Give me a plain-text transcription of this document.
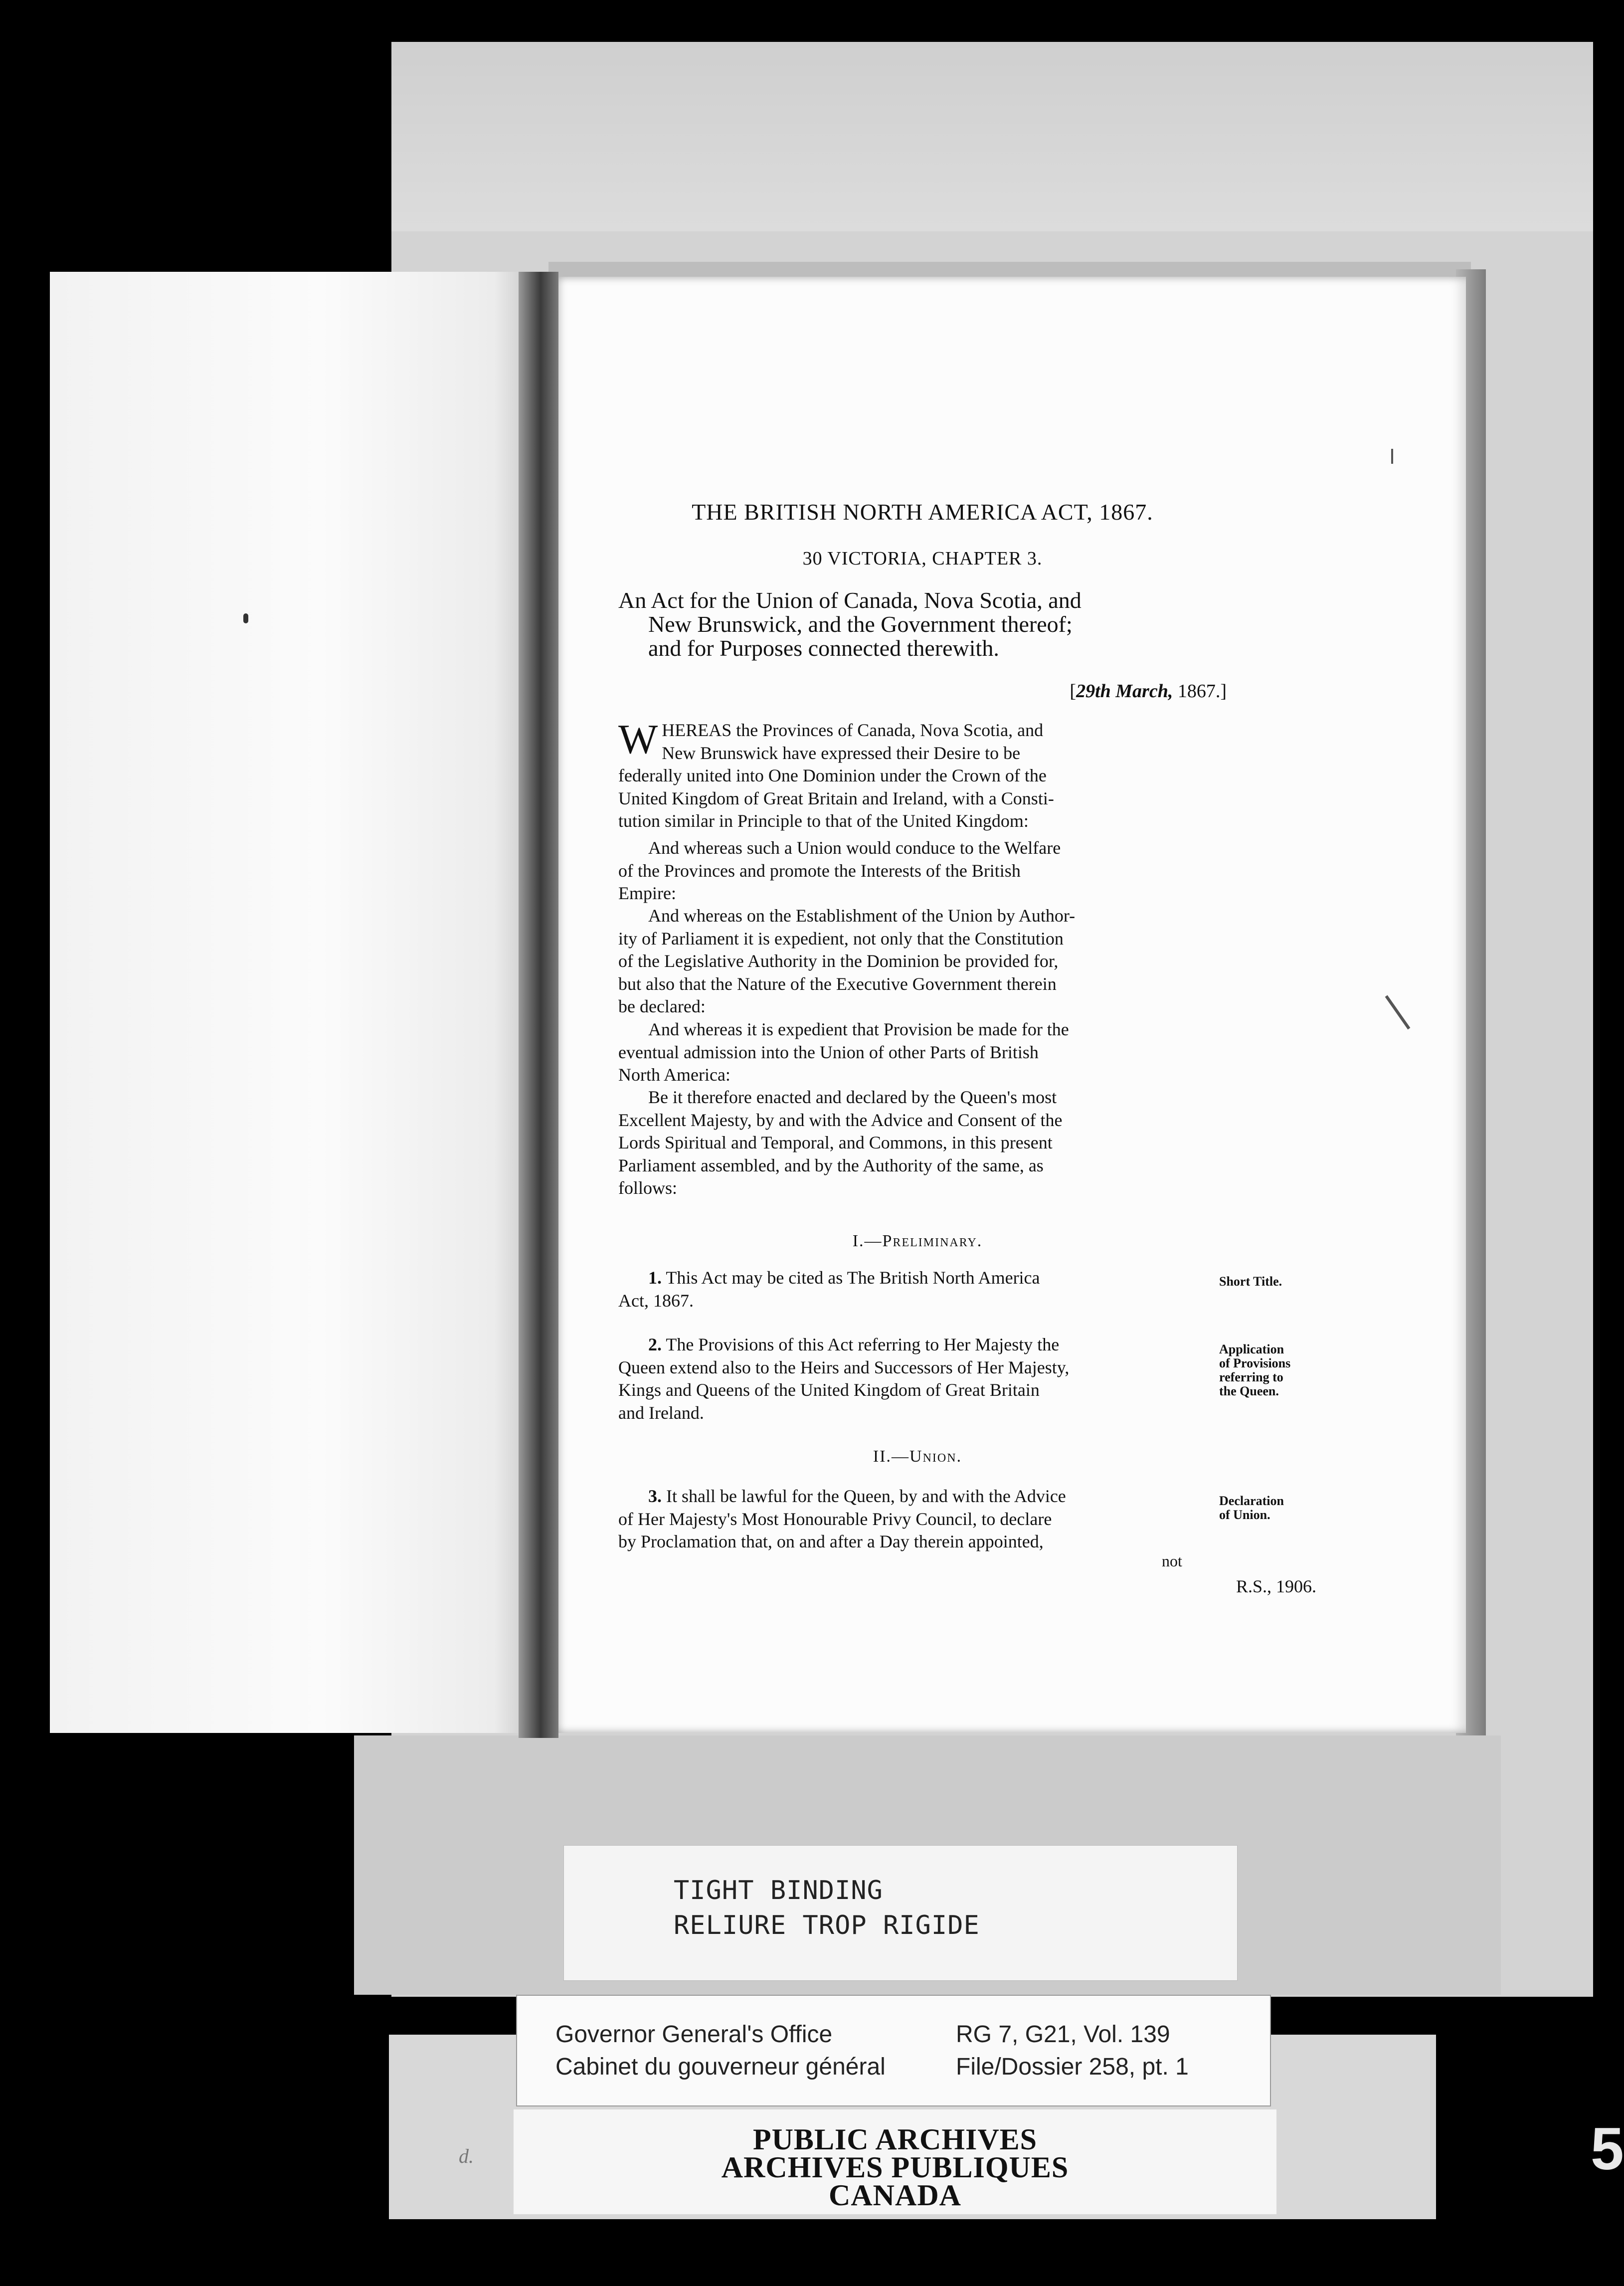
THE BRITISH NORTH AMERICA ACT, 1867.
30 VICTORIA, CHAPTER 3.
An Act for the Union of Canada, Nova Scotia, and
New Brunswick, and the Government thereof;
and for Purposes connected therewith.
[29th March, 1867.]
W HEREAS the Provinces of Canada, Nova Scotia, and
New Brunswick have expressed their Desire to be
federally united into One Dominion under the Crown of the
United Kingdom of Great Britain and Ireland, with a Consti-
tution similar in Principle to that of the United Kingdom:
And whereas such a Union would conduce to the Welfare
of the Provinces and promote the Interests of the British
Empire:
And whereas on the Establishment of the Union by Author-
ity of Parliament it is expedient, not only that the Constitution
of the Legislative Authority in the Dominion be provided for,
but also that the Nature of the Executive Government therein
be declared:
And whereas it is expedient that Provision be made for the
eventual admission into the Union of other Parts of British
North America:
Be it therefore enacted and declared by the Queen's most
Excellent Majesty, by and with the Advice and Consent of the
Lords Spiritual and Temporal, and Commons, in this present
Parliament assembled, and by the Authority of the same, as
follows:
I.—Preliminary.
1. This Act may be cited as The British North America
Act, 1867.
Short Title.
2. The Provisions of this Act referring to Her Majesty the
Queen extend also to the Heirs and Successors of Her Majesty,
Kings and Queens of the United Kingdom of Great Britain
and Ireland.
Application
of Provisions
referring to
the Queen.
II.—Union.
3. It shall be lawful for the Queen, by and with the Advice
of Her Majesty's Most Honourable Privy Council, to declare
by Proclamation that, on and after a Day therein appointed,
Declaration
of Union.
not
R.S., 1906.
TIGHT BINDING
RELIURE TROP RIGIDE
Governor General's Office
Cabinet du gouverneur général
RG 7, G21, Vol. 139
File/Dossier 258, pt. 1
PUBLIC ARCHIVES
ARCHIVES PUBLIQUES
CANADA
d.	5
